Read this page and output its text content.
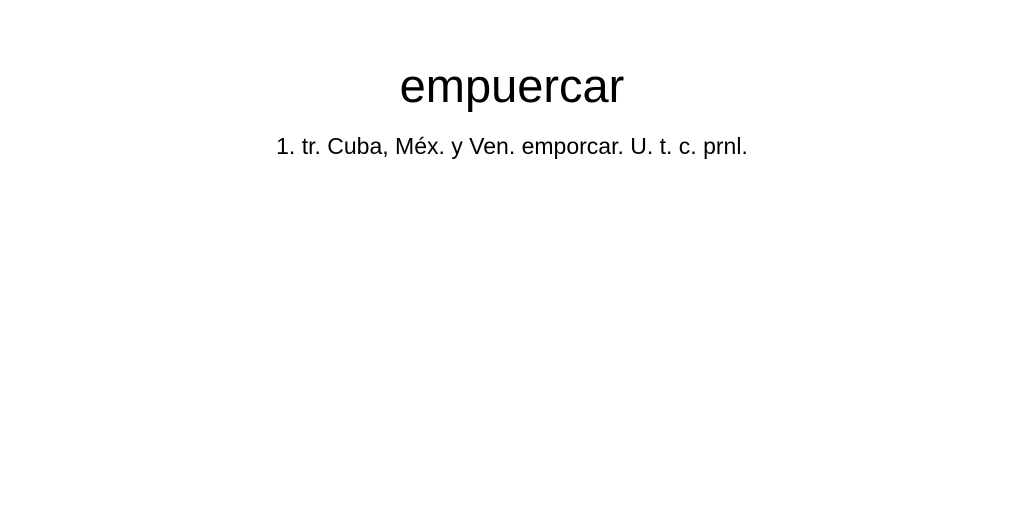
empuercar

1. tr. Cuba, Méx. y Ven. emporcar. U. t. c. prnl.
